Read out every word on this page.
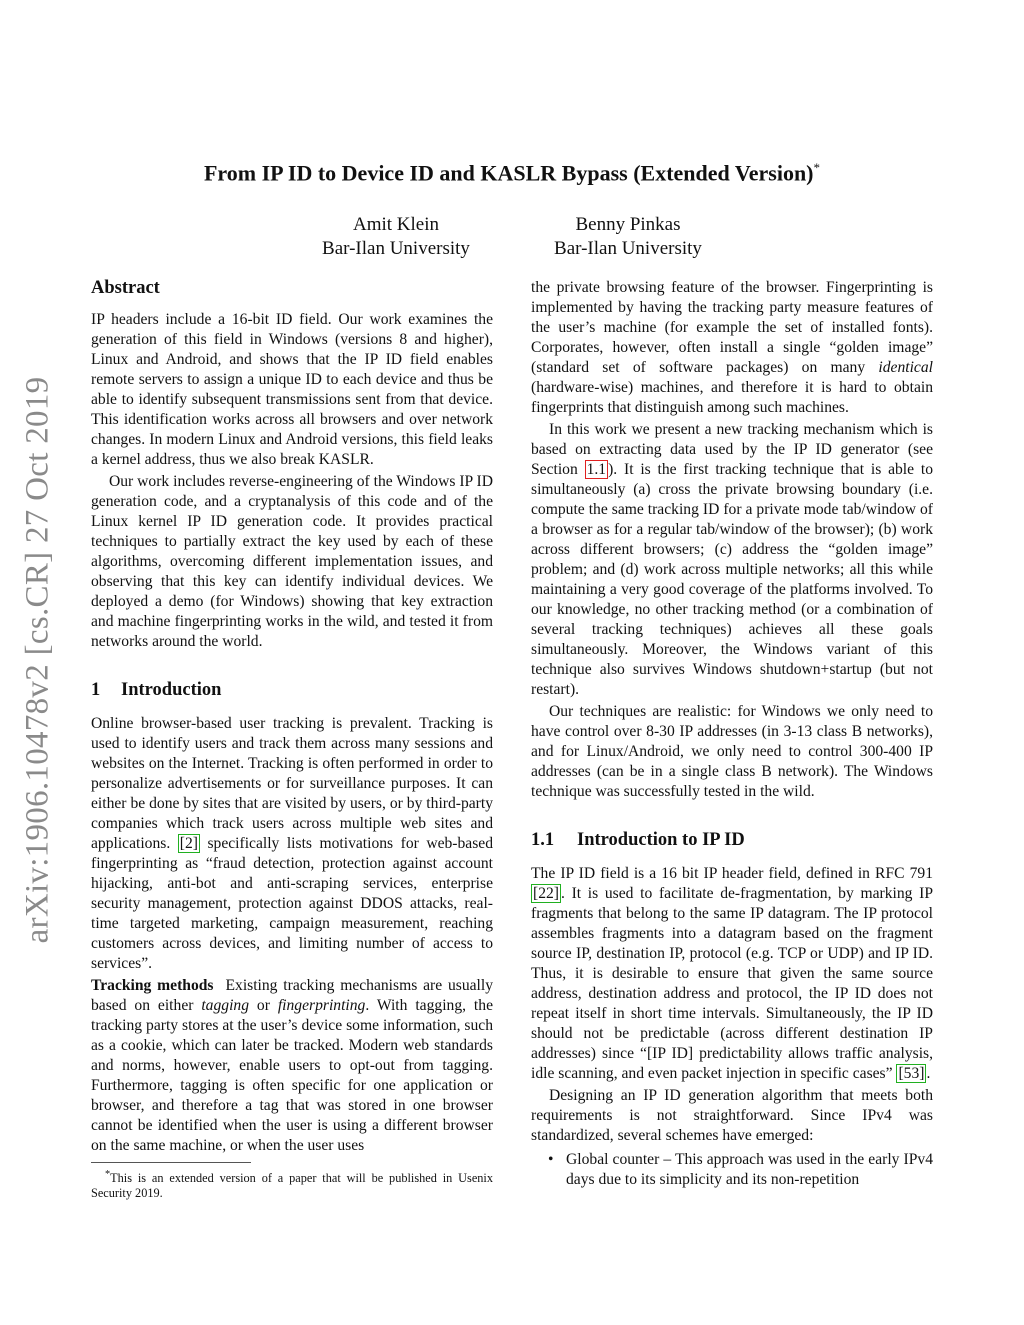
arXiv:1906.10478v2 [cs.CR] 27 Oct 2019
From IP ID to Device ID and KASLR Bypass (Extended Version)*
Amit Klein
Bar-Ilan University
Benny Pinkas
Bar-Ilan University
Abstract

IP headers include a 16-bit ID field. Our work examines the generation of this field in Windows (versions 8 and higher), Linux and Android, and shows that the IP ID field enables remote servers to assign a unique ID to each device and thus be able to identify subsequent transmissions sent from that device. This identification works across all browsers and over network changes. In modern Linux and Android versions, this field leaks a kernel address, thus we also break KASLR.

Our work includes reverse-engineering of the Windows IP ID generation code, and a cryptanalysis of this code and of the Linux kernel IP ID generation code. It provides practical techniques to partially extract the key used by each of these algorithms, overcoming different implementation issues, and observing that this key can identify individual devices. We deployed a demo (for Windows) showing that key extraction and machine fingerprinting works in the wild, and tested it from networks around the world.

1 Introduction

Online browser-based user tracking is prevalent. Tracking is used to identify users and track them across many sessions and websites on the Internet. Tracking is often performed in order to personalize advertisements or for surveillance purposes. It can either be done by sites that are visited by users, or by third-party companies which track users across multiple web sites and applications. [2] specifically lists motivations for web-based fingerprinting as “fraud detection, protection against account hijacking, anti-bot and anti-scraping services, enterprise security management, protection against DDOS attacks, real-time targeted marketing, campaign measurement, reaching customers across devices, and limiting number of access to services”.

Tracking methods Existing tracking mechanisms are usually based on either tagging or fingerprinting. With tagging, the tracking party stores at the user’s device some information, such as a cookie, which can later be tracked. Modern web standards and norms, however, enable users to opt-out from tagging. Furthermore, tagging is often specific for one application or browser, and therefore a tag that was stored in one browser cannot be identified when the user is using a different browser on the same machine, or when the user uses

*This is an extended version of a paper that will be published in Usenix Security 2019.

the private browsing feature of the browser. Fingerprinting is implemented by having the tracking party measure features of the user’s machine (for example the set of installed fonts). Corporates, however, often install a single “golden image” (standard set of software packages) on many identical (hardware-wise) machines, and therefore it is hard to obtain fingerprints that distinguish among such machines.

In this work we present a new tracking mechanism which is based on extracting data used by the IP ID generator (see Section 1.1 ). It is the first tracking technique that is able to simultaneously (a) cross the private browsing boundary (i.e. compute the same tracking ID for a private mode tab/window of a browser as for a regular tab/window of the browser); (b) work across different browsers; (c) address the “golden image” problem; and (d) work across multiple networks; all this while maintaining a very good coverage of the platforms involved. To our knowledge, no other tracking method (or a combination of several tracking techniques) achieves all these goals simultaneously. Moreover, the Windows variant of this technique also survives Windows shutdown+startup (but not restart).

Our techniques are realistic: for Windows we only need to have control over 8-30 IP addresses (in 3-13 class B networks), and for Linux/Android, we only need to control 300-400 IP addresses (can be in a single class B network). The Windows technique was successfully tested in the wild.

1.1 Introduction to IP ID

The IP ID field is a 16 bit IP header field, defined in RFC 791 [22] . It is used to facilitate de-fragmentation, by marking IP fragments that belong to the same IP datagram. The IP protocol assembles fragments into a datagram based on the fragment source IP, destination IP, protocol (e.g. TCP or UDP) and IP ID. Thus, it is desirable to ensure that given the same source address, destination address and protocol, the IP ID does not repeat itself in short time intervals. Simultaneously, the IP ID should not be predictable (across different destination IP addresses) since “[IP ID] predictability allows traffic analysis, idle scanning, and even packet injection in specific cases” [53] .

Designing an IP ID generation algorithm that meets both requirements is not straightforward. Since IPv4 was standardized, several schemes have emerged:

• Global counter – This approach was used in the early IPv4 days due to its simplicity and its non-repetition
